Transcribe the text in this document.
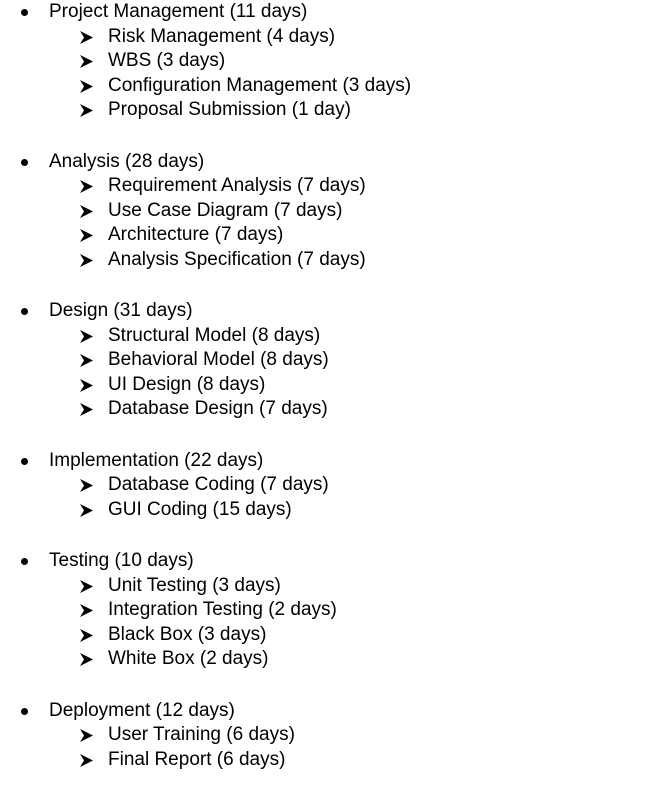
Project Management (11 days)
Risk Management (4 days)
WBS (3 days)
Configuration Management (3 days)
Proposal Submission (1 day)
Analysis (28 days)
Requirement Analysis (7 days)
Use Case Diagram (7 days)
Architecture (7 days)
Analysis Specification (7 days)
Design (31 days)
Structural Model (8 days)
Behavioral Model (8 days)
UI Design (8 days)
Database Design (7 days)
Implementation (22 days)
Database Coding (7 days)
GUI Coding (15 days)
Testing (10 days)
Unit Testing (3 days)
Integration Testing (2 days)
Black Box (3 days)
White Box (2 days)
Deployment (12 days)
User Training (6 days)
Final Report (6 days)
